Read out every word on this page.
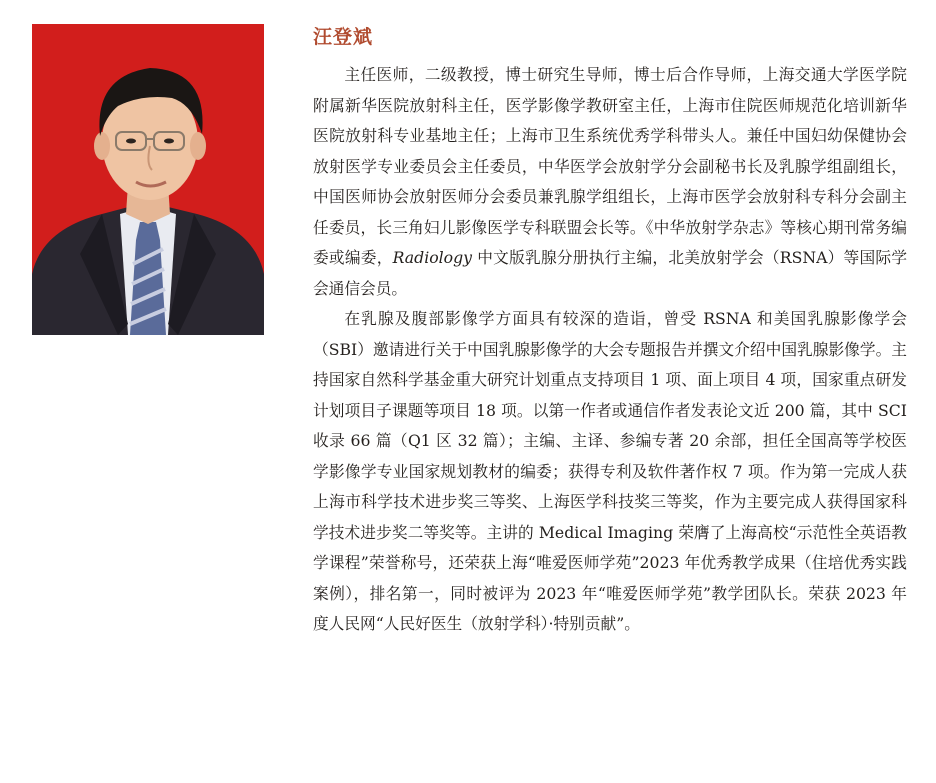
汪登斌

主任医师，二级教授，博士研究生导师，博士后合作导师，上海交通大学医学院附属新华医院放射科主任，医学影像学教研室主任，上海市住院医师规范化培训新华医院放射科专业基地主任；上海市卫生系统优秀学科带头人。兼任中国妇幼保健协会放射医学专业委员会主任委员，中华医学会放射学分会副秘书长及乳腺学组副组长，中国医师协会放射医师分会委员兼乳腺学组组长，上海市医学会放射科专科分会副主任委员，长三角妇儿影像医学专科联盟会长等。《中华放射学杂志》等核心期刊常务编委或编委，Radiology 中文版乳腺分册执行主编，北美放射学会（RSNA）等国际学会通信会员。

在乳腺及腹部影像学方面具有较深的造诣，曾受 RSNA 和美国乳腺影像学会（SBI）邀请进行关于中国乳腺影像学的大会专题报告并撰文介绍中国乳腺影像学。主持国家自然科学基金重大研究计划重点支持项目 1 项、面上项目 4 项，国家重点研发计划项目子课题等项目 18 项。以第一作者或通信作者发表论文近 200 篇，其中 SCI 收录 66 篇（Q1 区 32 篇）；主编、主译、参编专著 20 余部，担任全国高等学校医学影像学专业国家规划教材的编委；获得专利及软件著作权 7 项。作为第一完成人获上海市科学技术进步奖三等奖、上海医学科技奖三等奖，作为主要完成人获得国家科学技术进步奖二等奖等。主讲的 Medical Imaging 荣膺了上海高校“示范性全英语教学课程”荣誉称号，还荣获上海“唯爱医师学苑”2023 年优秀教学成果（住培优秀实践案例），排名第一，同时被评为 2023 年“唯爱医师学苑”教学团队长。荣获 2023 年度人民网“人民好医生（放射学科）·特别贡献”。
